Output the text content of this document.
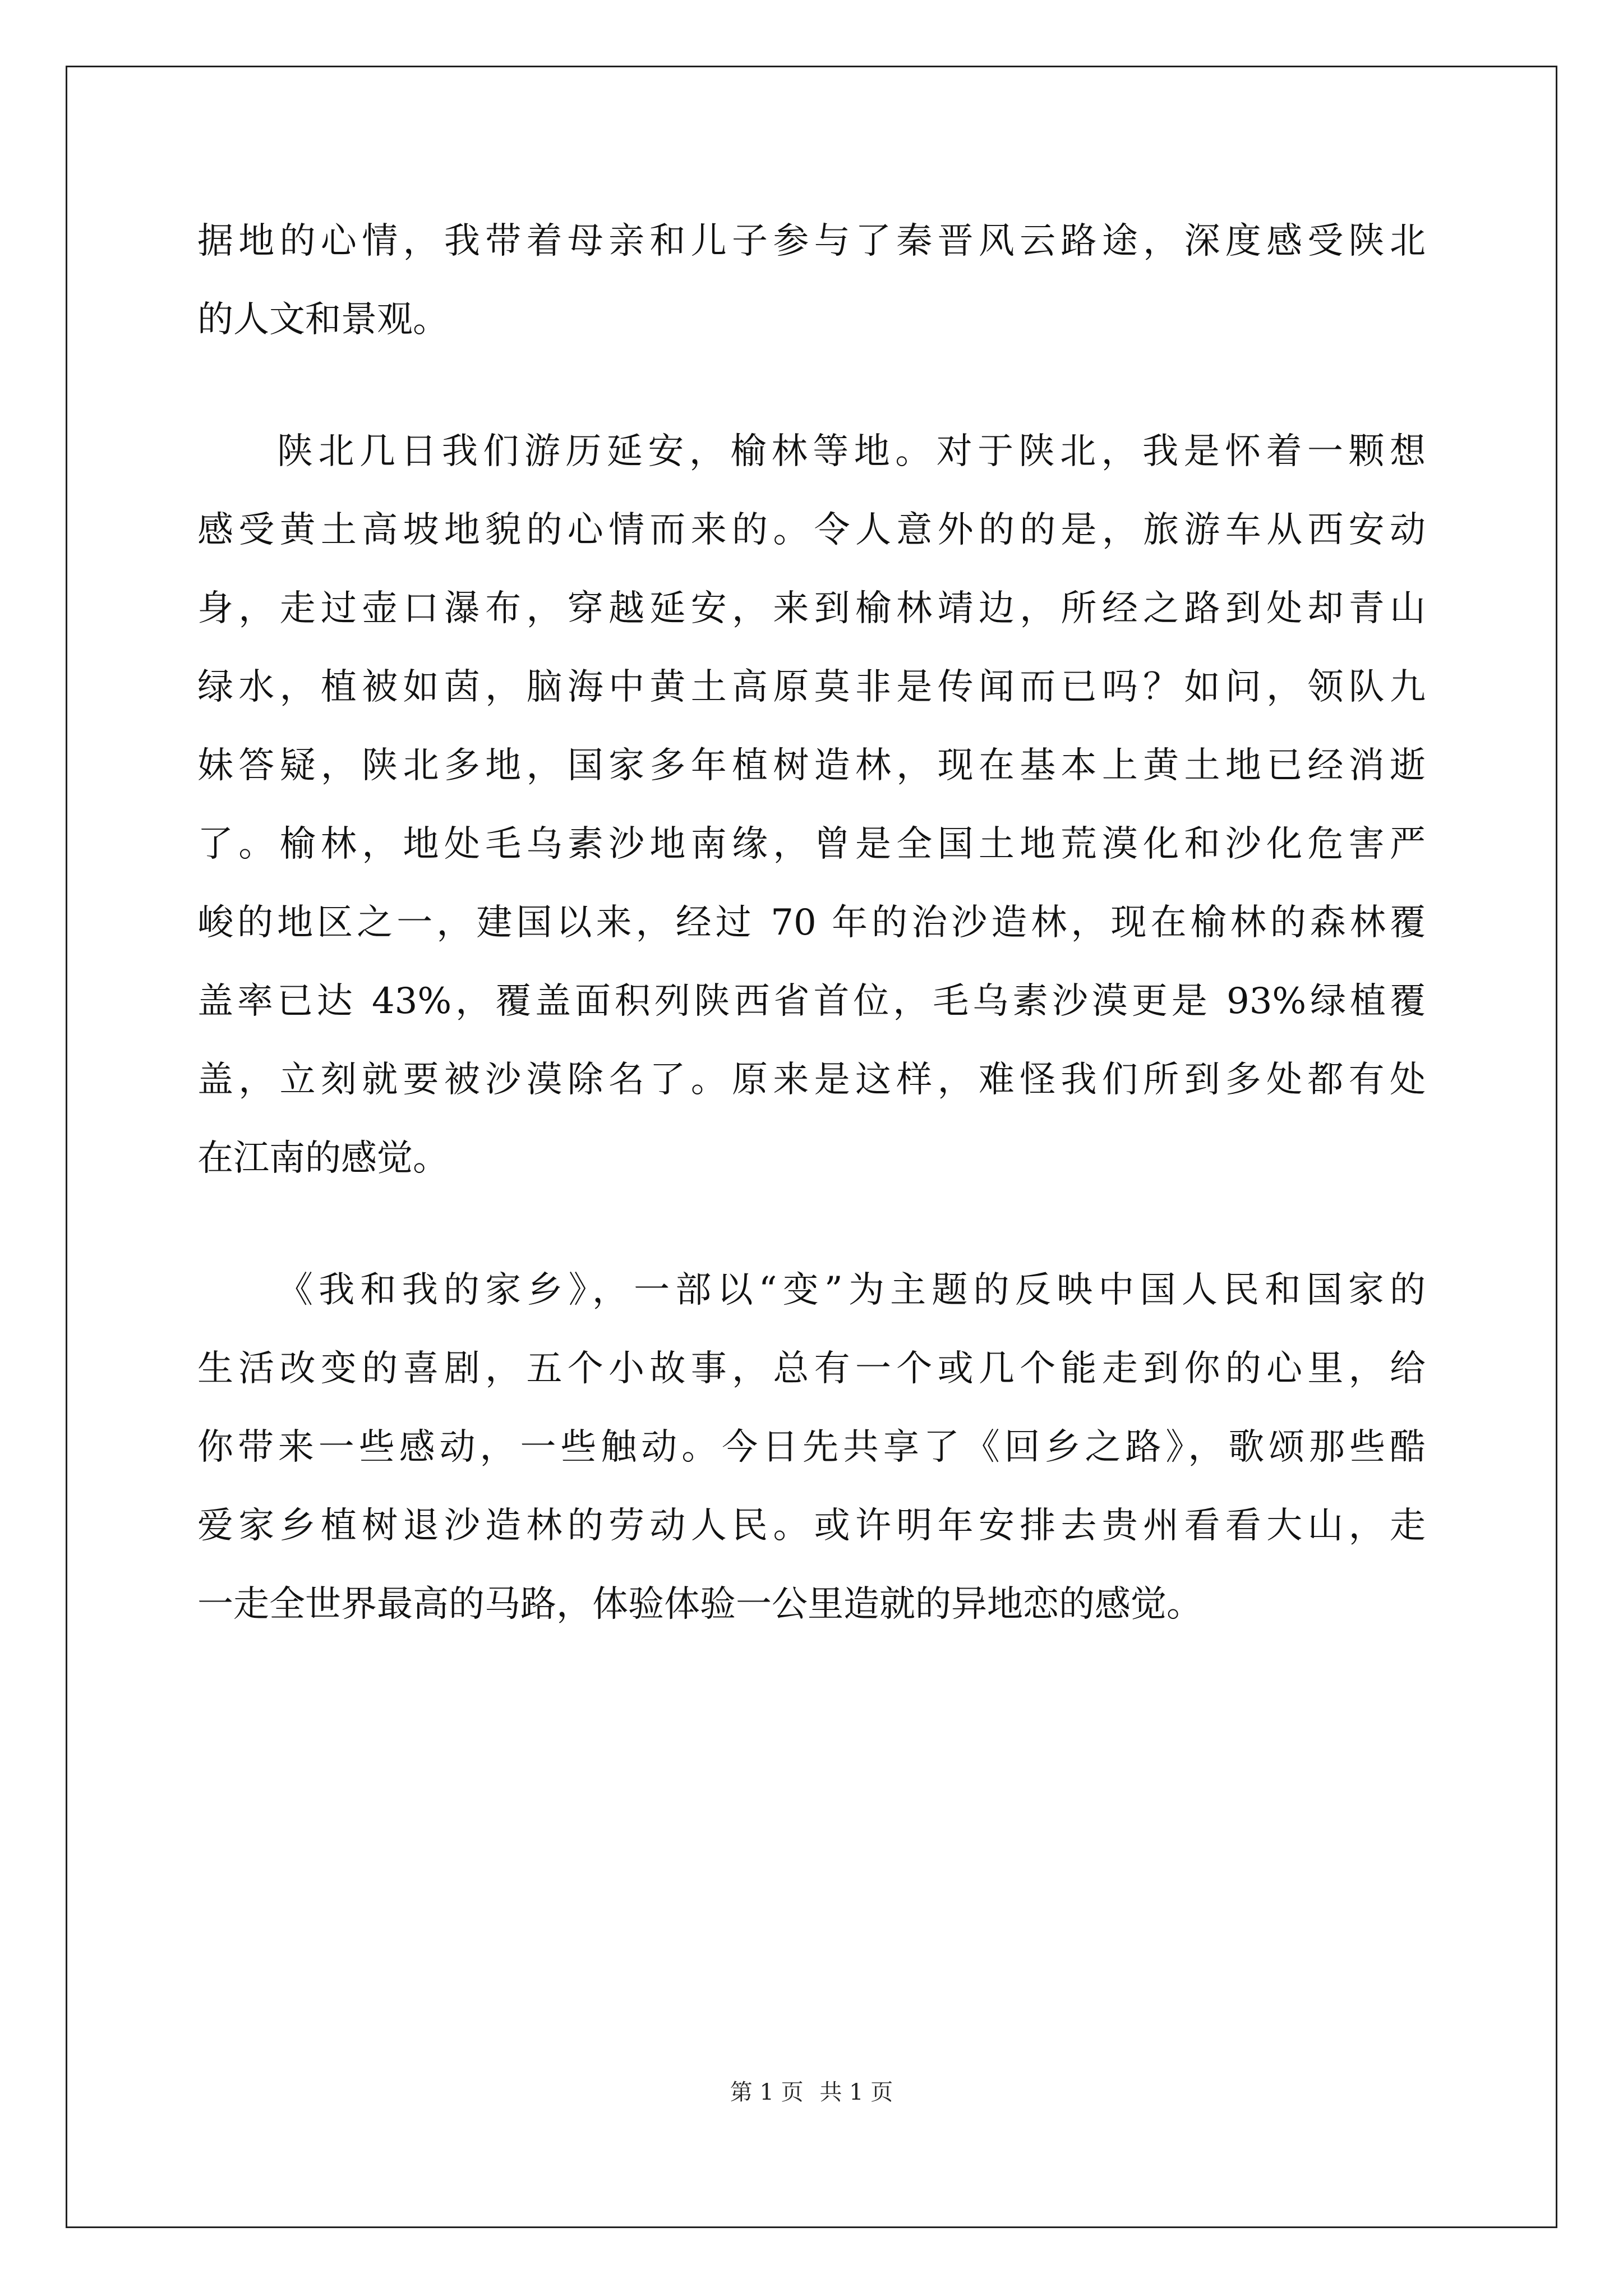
据地的心情，我带着母亲和儿子参与了秦晋风云路途，深度感受陕北
的人文和景观。
陕北几日我们游历延安，榆林等地。对于陕北，我是怀着一颗想
感受黄土高坡地貌的心情而来的。令人意外的的是，旅游车从西安动
身，走过壶口瀑布，穿越延安，来到榆林靖边，所经之路到处却青山
绿水，植被如茵，脑海中黄土高原莫非是传闻而已吗？如问，领队九
妹答疑，陕北多地，国家多年植树造林，现在基本上黄土地已经消逝
了。榆林，地处毛乌素沙地南缘，曾是全国土地荒漠化和沙化危害严
峻的地区之一，建国以来，经过 70 年的治沙造林，现在榆林的森林覆
盖率已达 43%，覆盖面积列陕西省首位，毛乌素沙漠更是 93%绿植覆
盖，立刻就要被沙漠除名了。原来是这样，难怪我们所到多处都有处
在江南的感觉。
《我和我的家乡》，一部以“变”为主题的反映中国人民和国家的
生活改变的喜剧，五个小故事，总有一个或几个能走到你的心里，给
你带来一些感动，一些触动。今日先共享了《回乡之路》，歌颂那些酷
爱家乡植树退沙造林的劳动人民。或许明年安排去贵州看看大山，走
一走全世界最高的马路，体验体验一公里造就的异地恋的感觉。
第 1 页 共 1 页
